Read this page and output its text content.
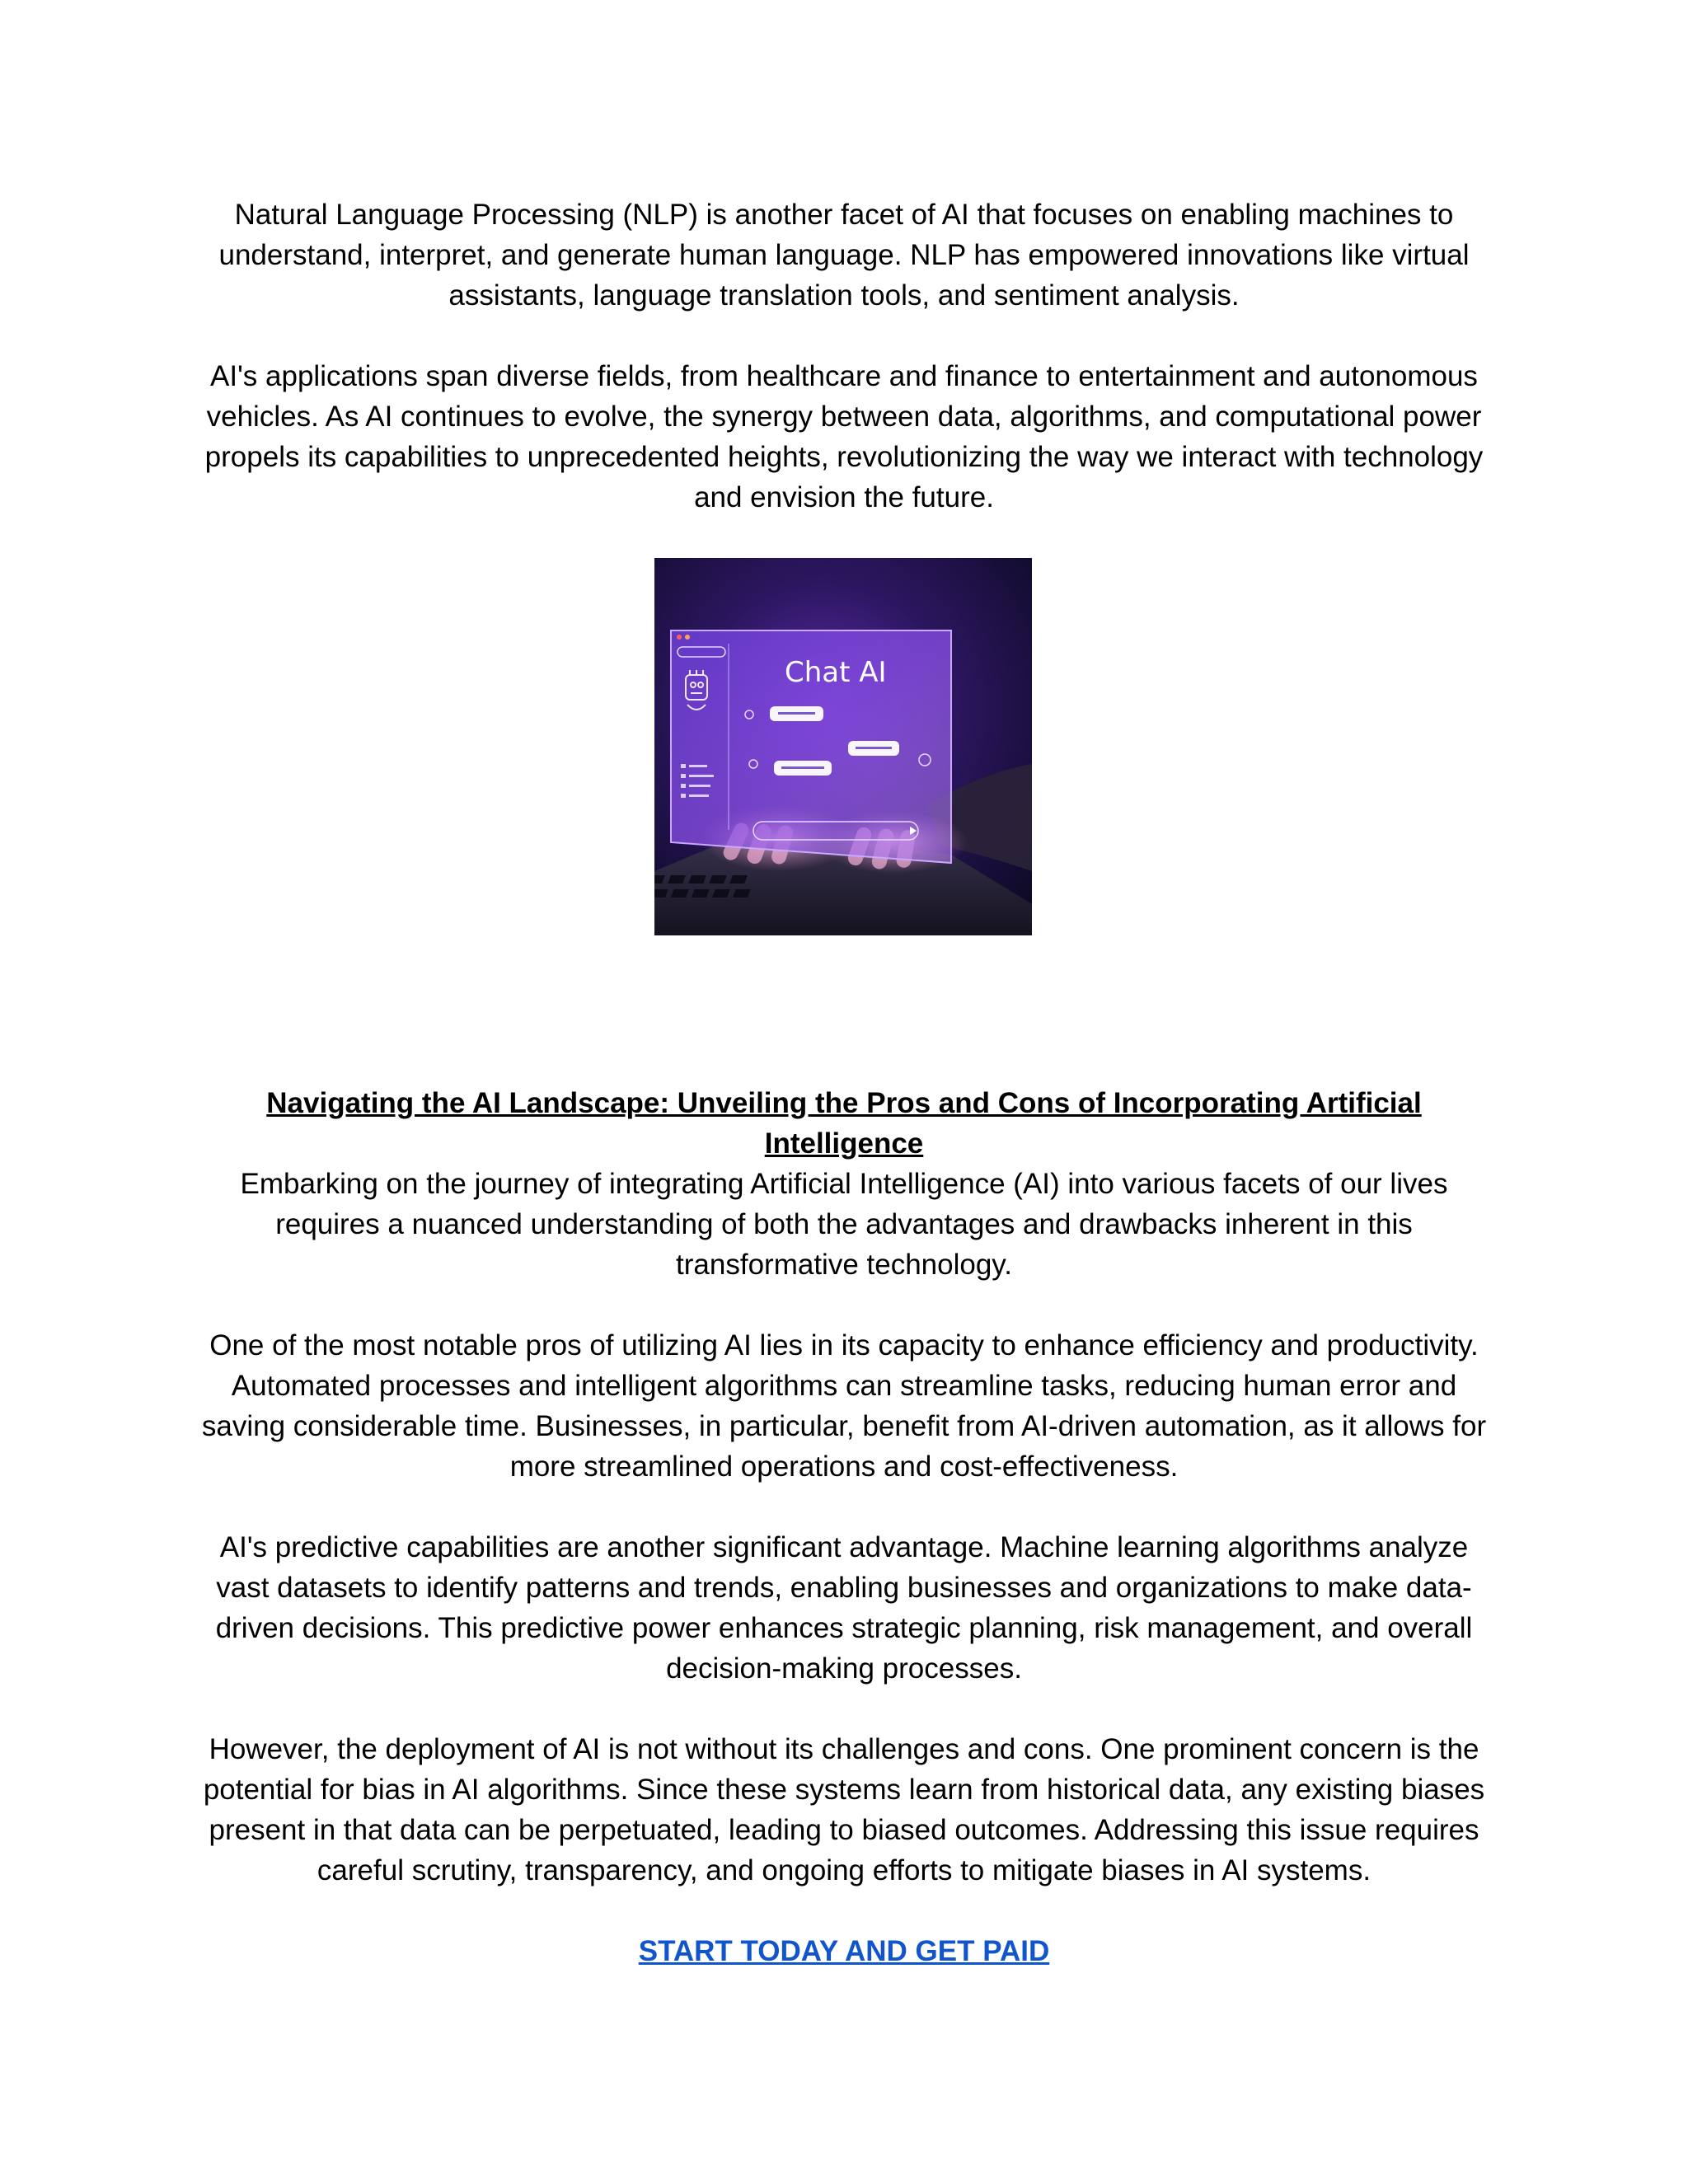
Natural Language Processing (NLP) is another facet of AI that focuses on enabling machines to understand, interpret, and generate human language. NLP has empowered innovations like virtual assistants, language translation tools, and sentiment analysis.

AI's applications span diverse fields, from healthcare and finance to entertainment and autonomous vehicles. As AI continues to evolve, the synergy between data, algorithms, and computational power propels its capabilities to unprecedented heights, revolutionizing the way we interact with technology and envision the future.

Chat AI

Navigating the AI Landscape: Unveiling the Pros and Cons of Incorporating Artificial Intelligence

Embarking on the journey of integrating Artificial Intelligence (AI) into various facets of our lives requires a nuanced understanding of both the advantages and drawbacks inherent in this transformative technology.

One of the most notable pros of utilizing AI lies in its capacity to enhance efficiency and productivity. Automated processes and intelligent algorithms can streamline tasks, reducing human error and saving considerable time. Businesses, in particular, benefit from AI-driven automation, as it allows for more streamlined operations and cost-effectiveness.

AI's predictive capabilities are another significant advantage. Machine learning algorithms analyze vast datasets to identify patterns and trends, enabling businesses and organizations to make data-driven decisions. This predictive power enhances strategic planning, risk management, and overall decision-making processes.

However, the deployment of AI is not without its challenges and cons. One prominent concern is the potential for bias in AI algorithms. Since these systems learn from historical data, any existing biases present in that data can be perpetuated, leading to biased outcomes. Addressing this issue requires careful scrutiny, transparency, and ongoing efforts to mitigate biases in AI systems.

START TODAY AND GET PAID
